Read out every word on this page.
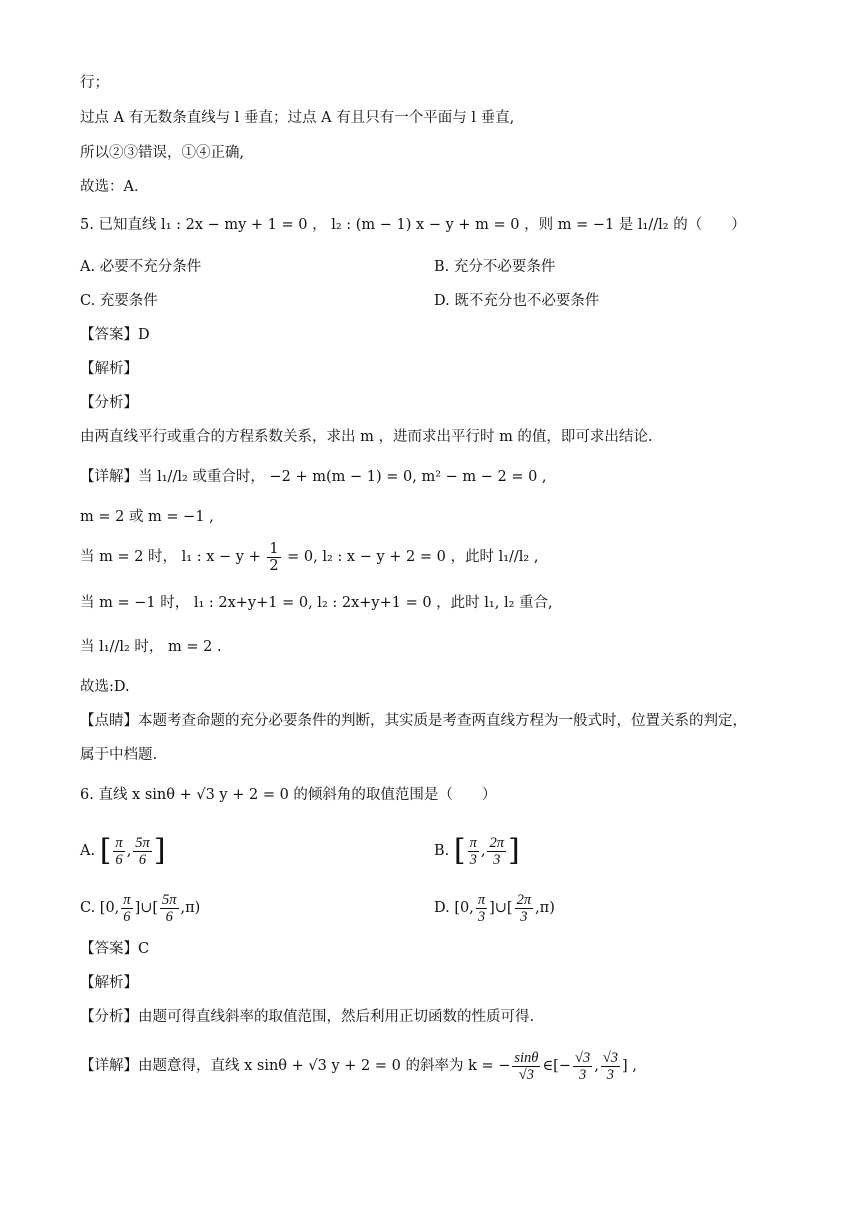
行；
过点 A 有无数条直线与 l 垂直；过点 A 有且只有一个平面与 l 垂直,
所以②③错误，①④正确,
故选：A．
5. 已知直线 l₁ : 2x − my + 1 = 0 ， l₂ : (m − 1) x − y + m = 0 ，则 m = −1 是 l₁//l₂ 的（　　）
A. 必要不充分条件	B. 充分不必要条件
C. 充要条件	D. 既不充分也不必要条件
【答案】D
【解析】
【分析】
由两直线平行或重合的方程系数关系，求出 m ，进而求出平行时 m 的值，即可求出结论.
【详解】当 l₁//l₂ 或重合时， −2 + m(m − 1) = 0, m² − m − 2 = 0 ,
m = 2 或 m = −1 ,
当 m = 2 时， l₁ : $x - y + \frac{1}{2} = 0$, l₂ : x − y + 2 = 0 ，此时 l₁//l₂ ,
当 m = −1 时， l₁ : 2x+y+1 = 0, l₂ : 2x+y+1 = 0 ，此时 l₁, l₂ 重合,
当 l₁//l₂ 时， m = 2 .
故选:D.
【点睛】本题考查命题的充分必要条件的判断，其实质是考查两直线方程为一般式时，位置关系的判定，
属于中档题.
6. 直线 x sinθ + √3 y + 2 = 0 的倾斜角的取值范围是（　　）
A. [ $\frac{\pi}{6}$ , $\frac{5\pi}{6}$ ]	B. [ $\frac{\pi}{3}$ , $\frac{2\pi}{3}$ ]
C. [0, $\frac{\pi}{6}$ ]∪[ $\frac{5\pi}{6} ,\pi$)	D. [0, $\frac{\pi}{3}$ ]∪[ $\frac{2\pi}{3} ,\pi$)
【答案】C
【解析】
【分析】由题可得直线斜率的取值范围，然后利用正切函数的性质可得.
【详解】由题意得，直线 x sinθ + √3 y + 2 = 0 的斜率为 k = − $\frac{\sin\theta}{√3}$ ∈[− $\frac{√3}{3}$ , $\frac{√3}{3}$ ] ,
